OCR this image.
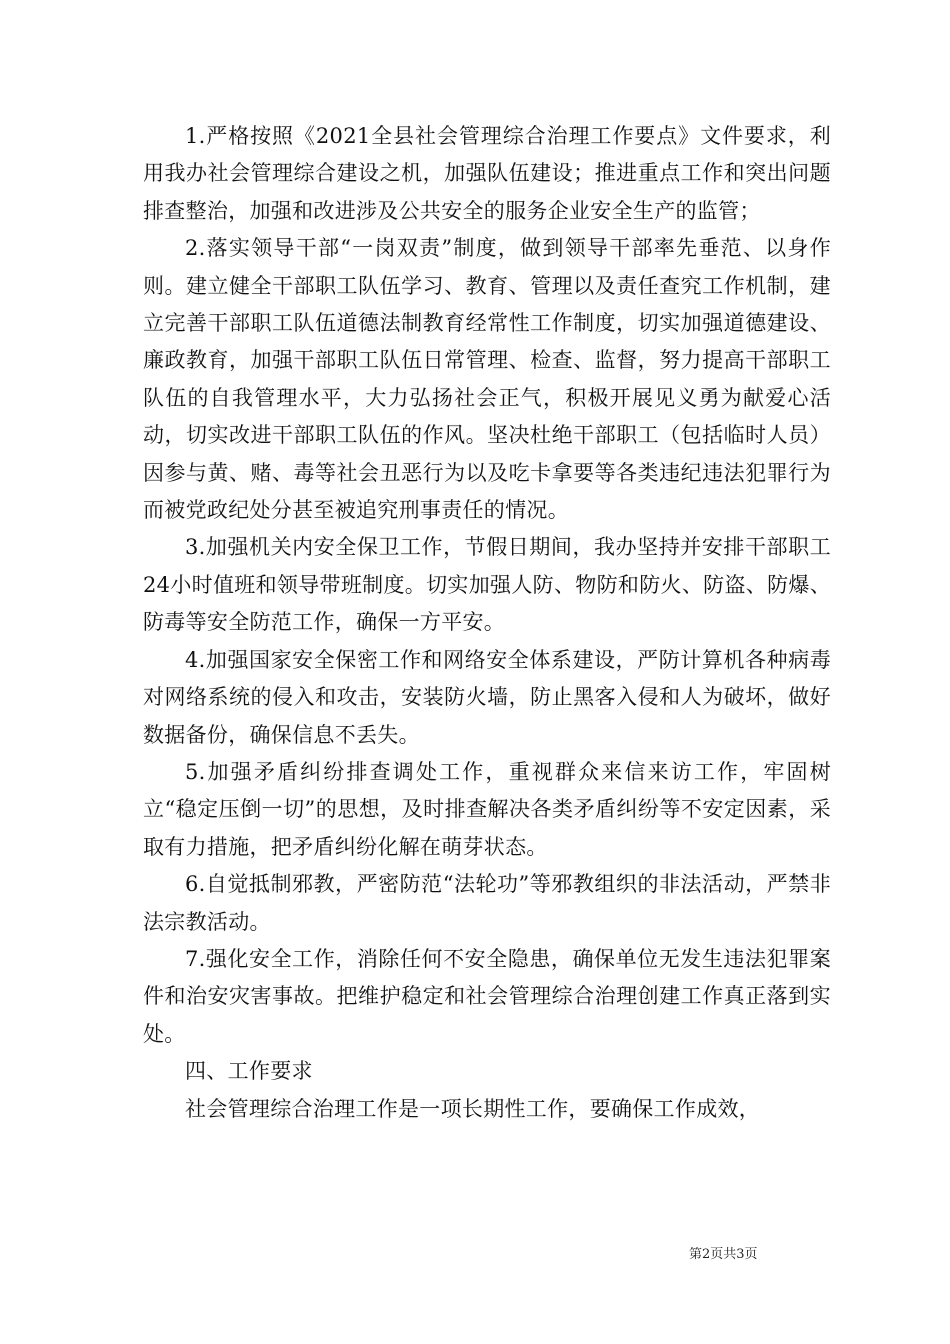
1.严格按照《2021全县社会管理综合治理工作要点》文件要求，利用我办社会管理综合建设之机，加强队伍建设；推进重点工作和突出问题排查整治，加强和改进涉及公共安全的服务企业安全生产的监管；

2.落实领导干部“一岗双责”制度，做到领导干部率先垂范、以身作则。建立健全干部职工队伍学习、教育、管理以及责任查究工作机制，建立完善干部职工队伍道德法制教育经常性工作制度，切实加强道德建设、廉政教育，加强干部职工队伍日常管理、检查、监督，努力提高干部职工队伍的自我管理水平，大力弘扬社会正气，积极开展见义勇为献爱心活动，切实改进干部职工队伍的作风。坚决杜绝干部职工（包括临时人员）因参与黄、赌、毒等社会丑恶行为以及吃卡拿要等各类违纪违法犯罪行为而被党政纪处分甚至被追究刑事责任的情况。

3.加强机关内安全保卫工作，节假日期间，我办坚持并安排干部职工24小时值班和领导带班制度。切实加强人防、物防和防火、防盗、防爆、防毒等安全防范工作，确保一方平安。

4.加强国家安全保密工作和网络安全体系建设，严防计算机各种病毒对网络系统的侵入和攻击，安装防火墙，防止黑客入侵和人为破坏，做好数据备份，确保信息不丢失。

5.加强矛盾纠纷排查调处工作，重视群众来信来访工作，牢固树立“稳定压倒一切”的思想，及时排查解决各类矛盾纠纷等不安定因素，采取有力措施，把矛盾纠纷化解在萌芽状态。

6.自觉抵制邪教，严密防范“法轮功”等邪教组织的非法活动，严禁非法宗教活动。

7.强化安全工作，消除任何不安全隐患，确保单位无发生违法犯罪案件和治安灾害事故。把维护稳定和社会管理综合治理创建工作真正落到实处。

四、工作要求

社会管理综合治理工作是一项长期性工作，要确保工作成效，

第2页共3页
